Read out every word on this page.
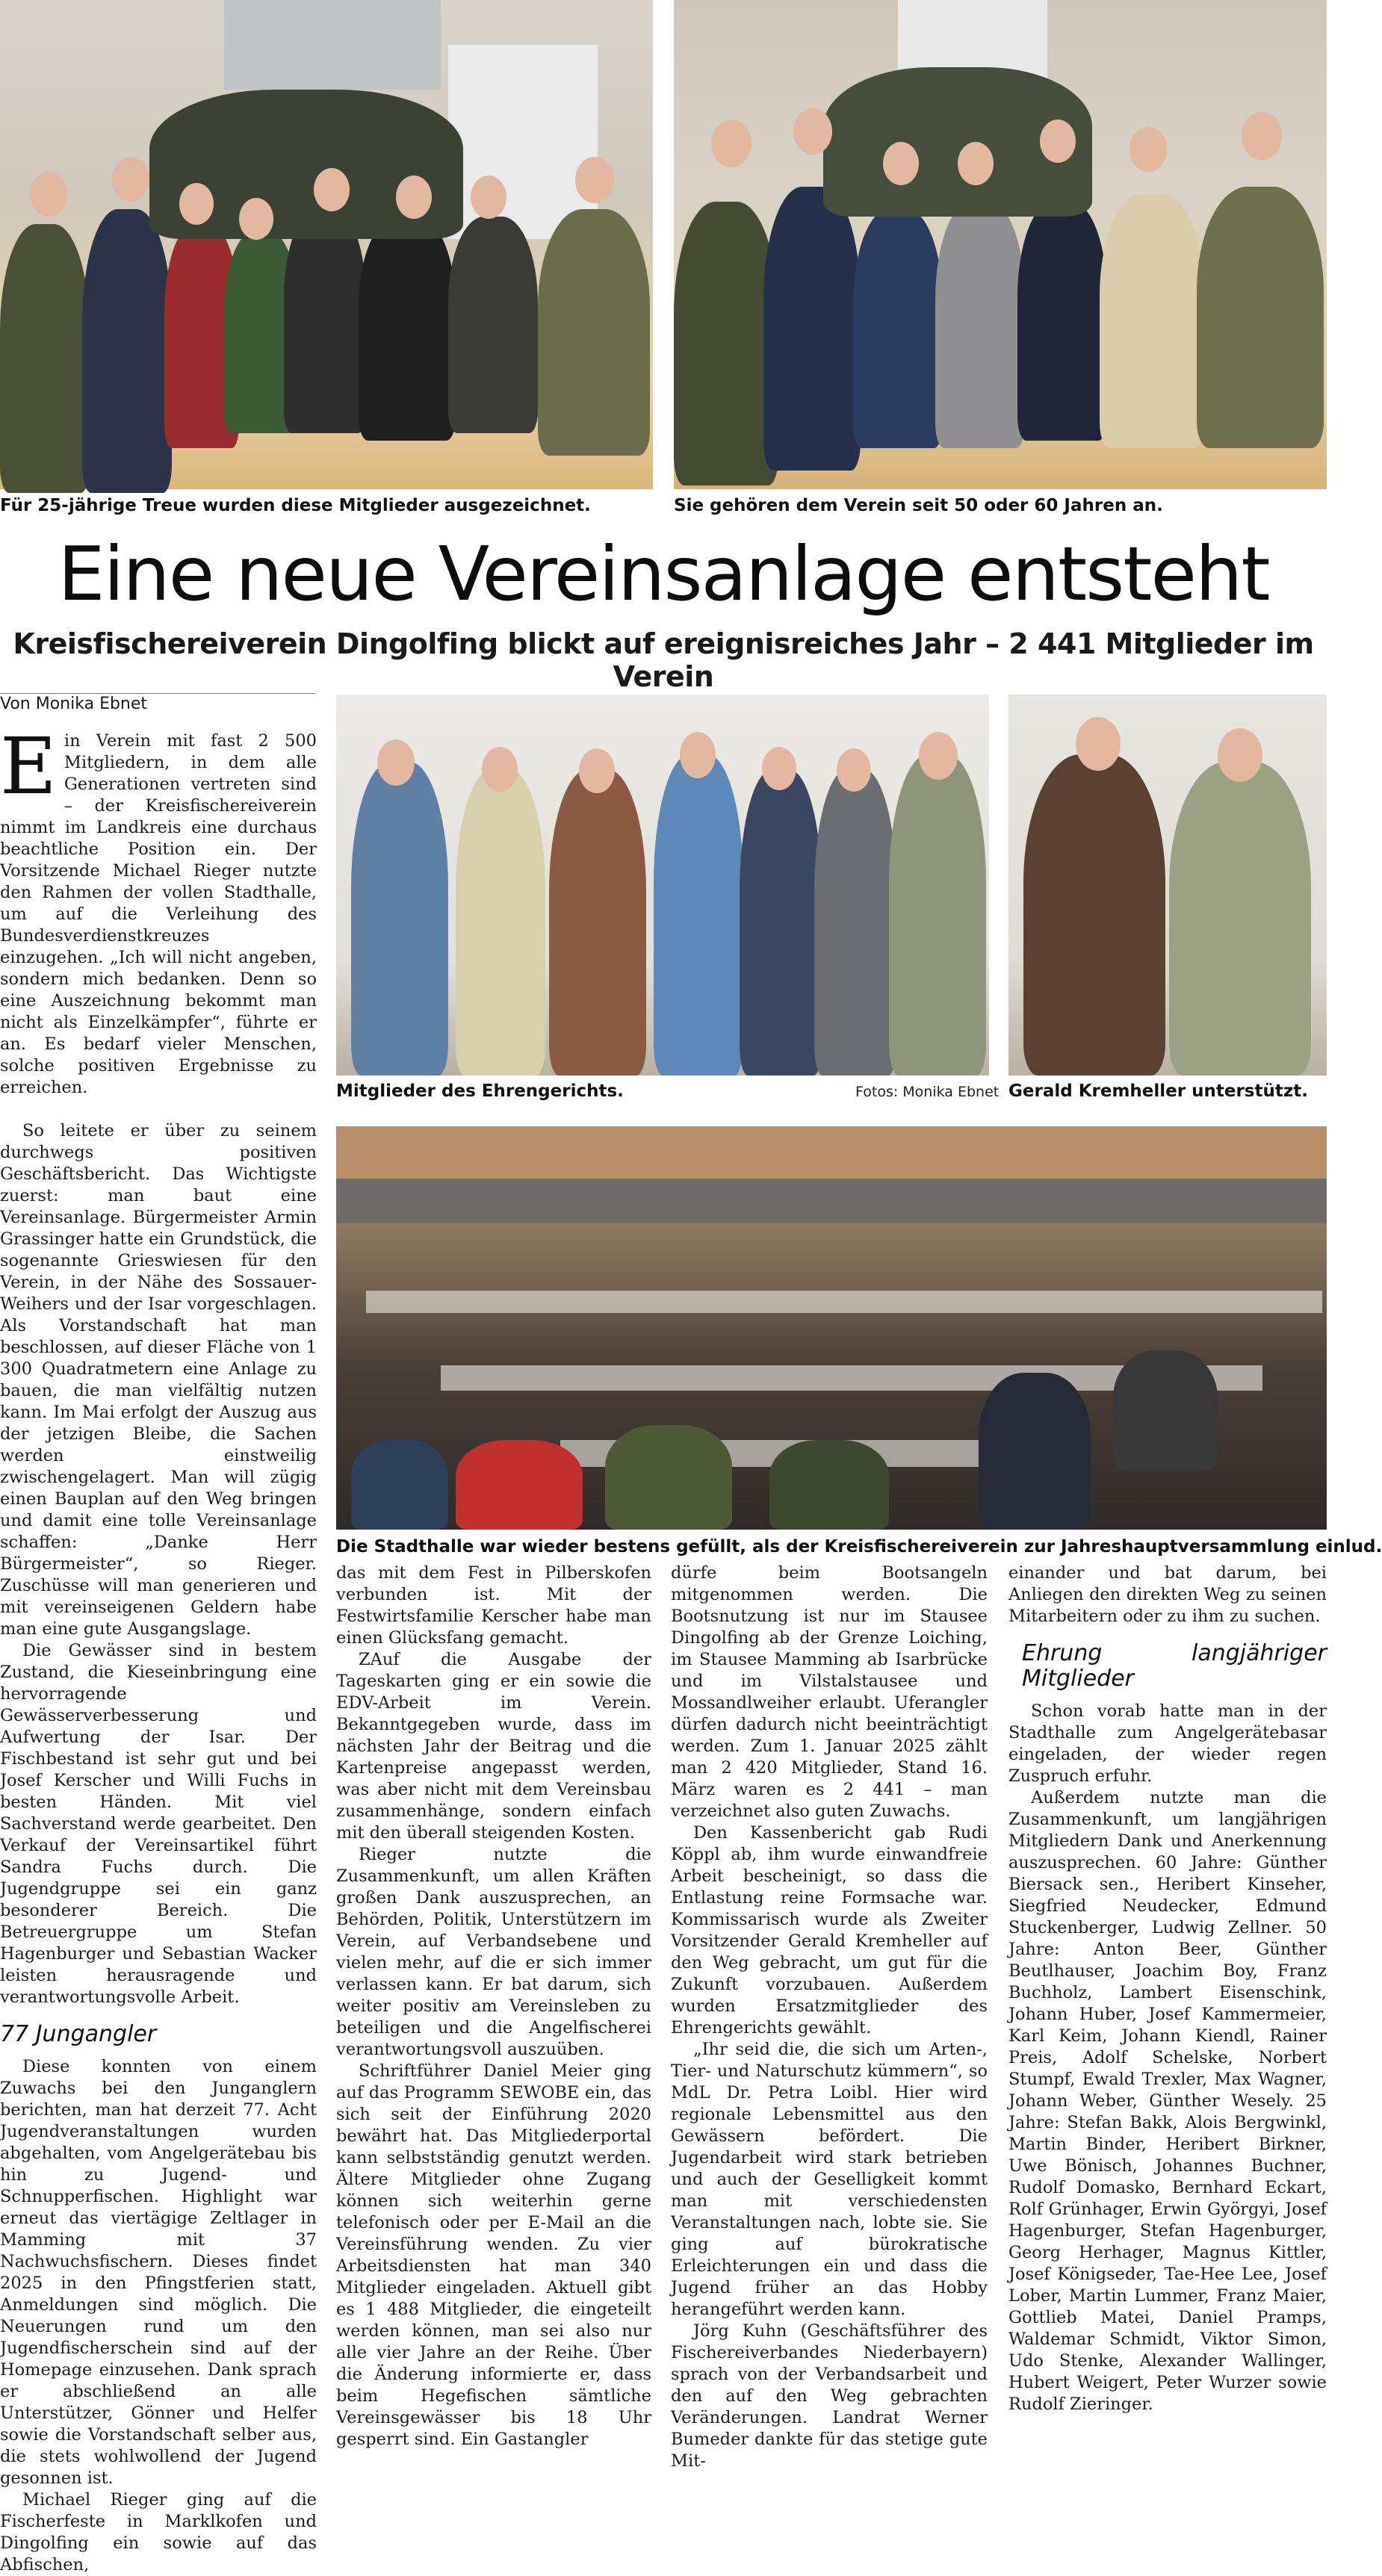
Für 25-jährige Treue wurden diese Mitglieder ausgezeichnet.	Sie gehören dem Verein seit 50 oder 60 Jahren an.
Eine neue Vereinsanlage entsteht
Kreisfischereiverein Dingolfing blickt auf ereignisreiches Jahr – 2 441 Mitglieder im Verein
Von Monika Ebnet
Mitglieder des Ehrengerichts.	Fotos: Monika Ebnet Gerald Kremheller unterstützt.
Die Stadthalle war wieder bestens gefüllt, als der Kreisfischereiverein zur Jahreshauptversammlung einlud.

Ein Verein mit fast 2 500 Mitgliedern, in dem alle Generationen vertreten sind – der Kreisfischereiverein nimmt im Landkreis eine durchaus beachtliche Position ein. Der Vorsitzende Michael Rieger nutzte den Rahmen der vollen Stadthalle, um auf die Verleihung des Bundesverdienstkreuzes einzugehen. „Ich will nicht angeben, sondern mich bedanken. Denn so eine Auszeichnung bekommt man nicht als Einzelkämpfer“, führte er an. Es bedarf vieler Menschen, solche positiven Ergebnisse zu erreichen.

So leitete er über zu seinem durchwegs positiven Geschäftsbericht. Das Wichtigste zuerst: man baut eine Vereinsanlage. Bürgermeister Armin Grassinger hatte ein Grundstück, die sogenannte Grieswiesen für den Verein, in der Nähe des Sossauer-Weihers und der Isar vorgeschlagen. Als Vorstandschaft hat man beschlossen, auf dieser Fläche von 1 300 Quadratmetern eine Anlage zu bauen, die man vielfältig nutzen kann. Im Mai erfolgt der Auszug aus der jetzigen Bleibe, die Sachen werden einstweilig zwischengelagert. Man will zügig einen Bauplan auf den Weg bringen und damit eine tolle Vereinsanlage schaffen: „Danke Herr Bürgermeister“, so Rieger. Zuschüsse will man generieren und mit vereinseigenen Geldern habe man eine gute Ausgangslage.

Die Gewässer sind in bestem Zustand, die Kieseinbringung eine hervorragende Gewässerverbesserung und Aufwertung der Isar. Der Fischbestand ist sehr gut und bei Josef Kerscher und Willi Fuchs in besten Händen. Mit viel Sachverstand werde gearbeitet. Den Verkauf der Vereinsartikel führt Sandra Fuchs durch. Die Jugendgruppe sei ein ganz besonderer Bereich. Die Betreuergruppe um Stefan Hagenburger und Sebastian Wacker leisten herausragende und verantwortungsvolle Arbeit.

77 Jungangler

Diese konnten von einem Zuwachs bei den Junganglern berichten, man hat derzeit 77. Acht Jugendveranstaltungen wurden abgehalten, vom Angelgerätebau bis hin zu Jugend- und Schnupperfischen. Highlight war erneut das viertägige Zeltlager in Mamming mit 37 Nachwuchsfischern. Dieses findet 2025 in den Pfingstferien statt, Anmeldungen sind möglich. Die Neuerungen rund um den Jugendfischerschein sind auf der Homepage einzusehen. Dank sprach er abschließend an alle Unterstützer, Gönner und Helfer sowie die Vorstandschaft selber aus, die stets wohlwollend der Jugend gesonnen ist.

Michael Rieger ging auf die Fischerfeste in Marklkofen und Dingolfing ein sowie auf das Abfischen,

das mit dem Fest in Pilberskofen verbunden ist. Mit der Festwirtsfamilie Kerscher habe man einen Glücksfang gemacht.

ZAuf die Ausgabe der Tageskarten ging er ein sowie die EDV-Arbeit im Verein. Bekanntgegeben wurde, dass im nächsten Jahr der Beitrag und die Kartenpreise angepasst werden, was aber nicht mit dem Vereinsbau zusammenhänge, sondern einfach mit den überall steigenden Kosten.

Rieger nutzte die Zusammenkunft, um allen Kräften großen Dank auszusprechen, an Behörden, Politik, Unterstützern im Verein, auf Verbandsebene und vielen mehr, auf die er sich immer verlassen kann. Er bat darum, sich weiter positiv am Vereinsleben zu beteiligen und die Angelfischerei verantwortungsvoll auszuüben.

Schriftführer Daniel Meier ging auf das Programm SEWOBE ein, das sich seit der Einführung 2020 bewährt hat. Das Mitgliederportal kann selbstständig genutzt werden. Ältere Mitglieder ohne Zugang können sich weiterhin gerne telefonisch oder per E-Mail an die Vereinsführung wenden. Zu vier Arbeitsdiensten hat man 340 Mitglieder eingeladen. Aktuell gibt es 1 488 Mitglieder, die eingeteilt werden können, man sei also nur alle vier Jahre an der Reihe. Über die Änderung informierte er, dass beim Hegefischen sämtliche Vereinsgewässer bis 18 Uhr gesperrt sind. Ein Gastangler

dürfe beim Bootsangeln mitgenommen werden. Die Bootsnutzung ist nur im Stausee Dingolfing ab der Grenze Loiching, im Stausee Mamming ab Isarbrücke und im Vilstalstausee und Mossandlweiher erlaubt. Uferangler dürfen dadurch nicht beeinträchtigt werden. Zum 1. Januar 2025 zählt man 2 420 Mitglieder, Stand 16. März waren es 2 441 – man verzeichnet also guten Zuwachs.

Den Kassenbericht gab Rudi Köppl ab, ihm wurde einwandfreie Arbeit bescheinigt, so dass die Entlastung reine Formsache war. Kommissarisch wurde als Zweiter Vorsitzender Gerald Kremheller auf den Weg gebracht, um gut für die Zukunft vorzubauen. Außerdem wurden Ersatzmitglieder des Ehrengerichts gewählt.

„Ihr seid die, die sich um Arten-, Tier- und Naturschutz kümmern“, so MdL Dr. Petra Loibl. Hier wird regionale Lebensmittel aus den Gewässern befördert. Die Jugendarbeit wird stark betrieben und auch der Geselligkeit kommt man mit verschiedensten Veranstaltungen nach, lobte sie. Sie ging auf bürokratische Erleichterungen ein und dass die Jugend früher an das Hobby herangeführt werden kann.

Jörg Kuhn (Geschäftsführer des Fischereiverbandes Niederbayern) sprach von der Verbandsarbeit und den auf den Weg gebrachten Veränderungen. Landrat Werner Bumeder dankte für das stetige gute Mit-

einander und bat darum, bei Anliegen den direkten Weg zu seinen Mitarbeitern oder zu ihm zu suchen.

Ehrung langjähriger Mitglieder

Schon vorab hatte man in der Stadthalle zum Angelgerätebasar eingeladen, der wieder regen Zuspruch erfuhr.

Außerdem nutzte man die Zusammenkunft, um langjährigen Mitgliedern Dank und Anerkennung auszusprechen. 60 Jahre: Günther Biersack sen., Heribert Kinseher, Siegfried Neudecker, Edmund Stuckenberger, Ludwig Zellner. 50 Jahre: Anton Beer, Günther Beutlhauser, Joachim Boy, Franz Buchholz, Lambert Eisenschink, Johann Huber, Josef Kammermeier, Karl Keim, Johann Kiendl, Rainer Preis, Adolf Schelske, Norbert Stumpf, Ewald Trexler, Max Wagner, Johann Weber, Günther Wesely. 25 Jahre: Stefan Bakk, Alois Bergwinkl, Martin Binder, Heribert Birkner, Uwe Bönisch, Johannes Buchner, Rudolf Domasko, Bernhard Eckart, Rolf Grünhager, Erwin Györgyi, Josef Hagenburger, Stefan Hagenburger, Georg Herhager, Magnus Kittler, Josef Königseder, Tae-Hee Lee, Josef Lober, Martin Lummer, Franz Maier, Gottlieb Matei, Daniel Pramps, Waldemar Schmidt, Viktor Simon, Udo Stenke, Alexander Wallinger, Hubert Weigert, Peter Wurzer sowie Rudolf Zieringer.
